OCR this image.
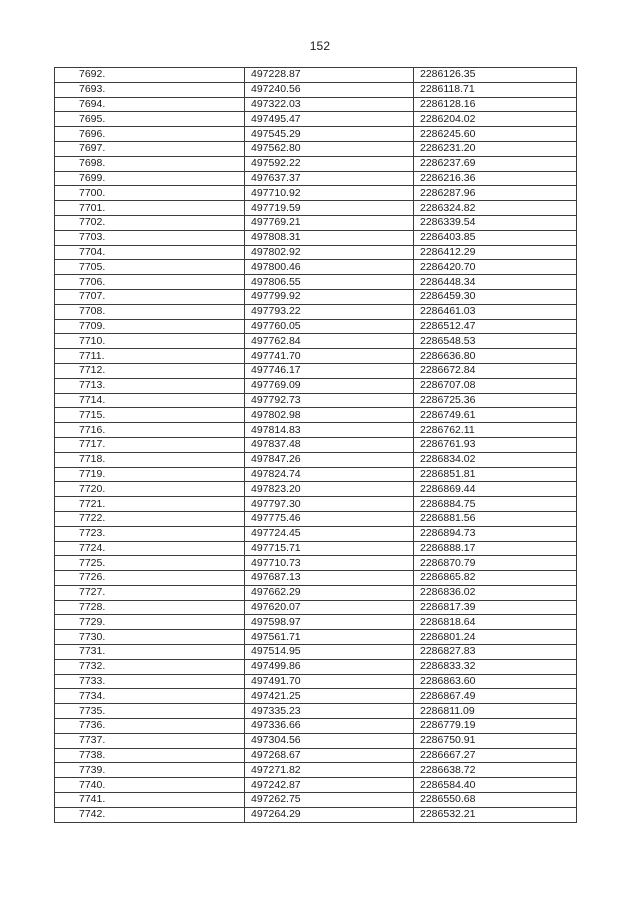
152
7692.	497228.87	2286126.35
7693.	497240.56	2286118.71
7694.	497322.03	2286128.16
7695.	497495.47	2286204.02
7696.	497545.29	2286245.60
7697.	497562.80	2286231.20
7698.	497592.22	2286237.69
7699.	497637.37	2286216.36
7700.	497710.92	2286287.96
7701.	497719.59	2286324.82
7702.	497769.21	2286339.54
7703.	497808.31	2286403.85
7704.	497802.92	2286412.29
7705.	497800.46	2286420.70
7706.	497806.55	2286448.34
7707.	497799.92	2286459.30
7708.	497793.22	2286461.03
7709.	497760.05	2286512.47
7710.	497762.84	2286548.53
7711.	497741.70	2286636.80
7712.	497746.17	2286672.84
7713.	497769.09	2286707.08
7714.	497792.73	2286725.36
7715.	497802.98	2286749.61
7716.	497814.83	2286762.11
7717.	497837.48	2286761.93
7718.	497847.26	2286834.02
7719.	497824.74	2286851.81
7720.	497823.20	2286869.44
7721.	497797.30	2286884.75
7722.	497775.46	2286881.56
7723.	497724.45	2286894.73
7724.	497715.71	2286888.17
7725.	497710.73	2286870.79
7726.	497687.13	2286865.82
7727.	497662.29	2286836.02
7728.	497620.07	2286817.39
7729.	497598.97	2286818.64
7730.	497561.71	2286801.24
7731.	497514.95	2286827.83
7732.	497499.86	2286833.32
7733.	497491.70	2286863.60
7734.	497421.25	2286867.49
7735.	497335.23	2286811.09
7736.	497336.66	2286779.19
7737.	497304.56	2286750.91
7738.	497268.67	2286667.27
7739.	497271.82	2286638.72
7740.	497242.87	2286584.40
7741.	497262.75	2286550.68
7742.	497264.29	2286532.21
